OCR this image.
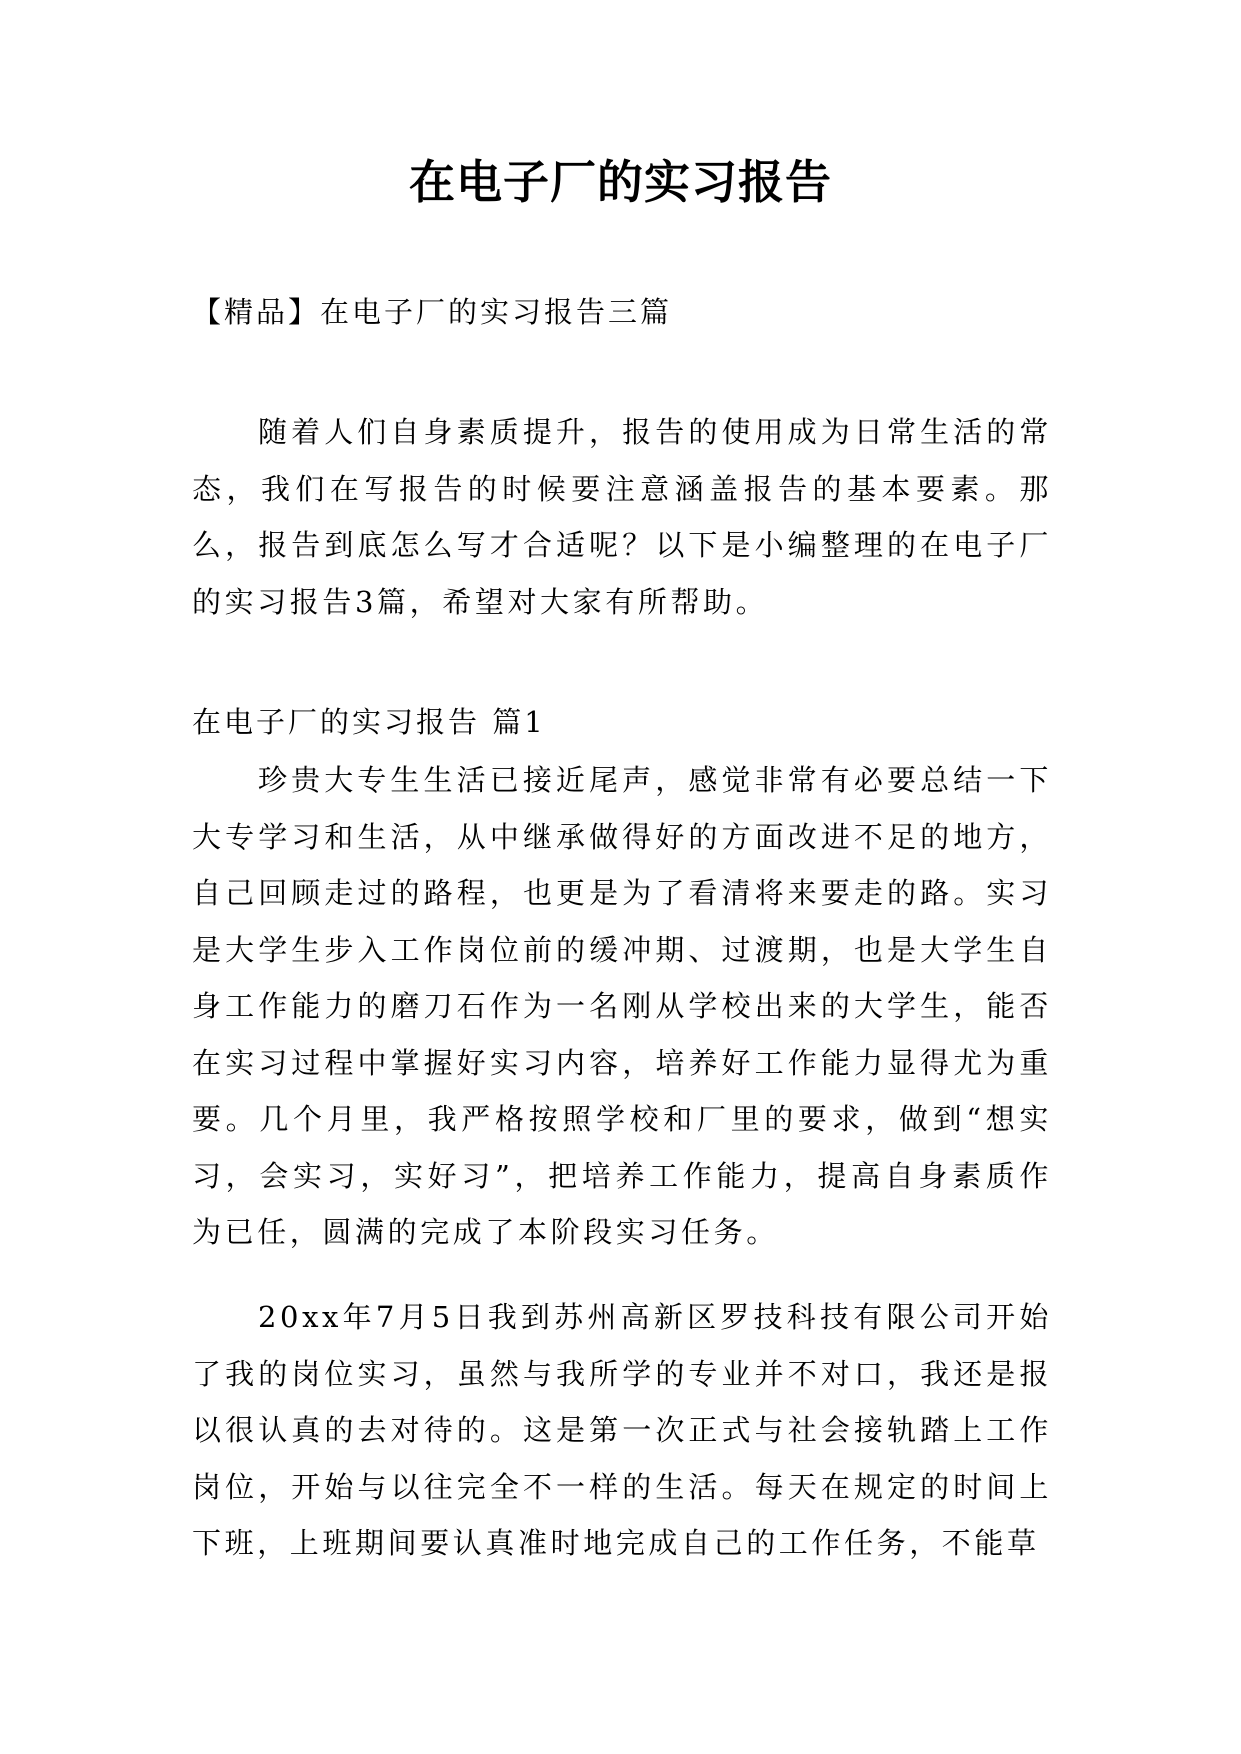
在电子厂的实习报告
【精品】在电子厂的实习报告三篇

随着人们自身素质提升，报告的使用成为日常生活的常态，我们在写报告的时候要注意涵盖报告的基本要素。那么，报告到底怎么写才合适呢？以下是小编整理的在电子厂的实习报告3篇，希望对大家有所帮助。

在电子厂的实习报告 篇1

珍贵大专生生活已接近尾声，感觉非常有必要总结一下大专学习和生活，从中继承做得好的方面改进不足的地方，自己回顾走过的路程，也更是为了看清将来要走的路。实习是大学生步入工作岗位前的缓冲期、过渡期，也是大学生自身工作能力的磨刀石作为一名刚从学校出来的大学生，能否在实习过程中掌握好实习内容，培养好工作能力显得尤为重要。几个月里，我严格按照学校和厂里的要求，做到“想实习，会实习，实好习”，把培养工作能力，提高自身素质作为已任，圆满的完成了本阶段实习任务。

20xx年7月5日我到苏州高新区罗技科技有限公司开始了我的岗位实习，虽然与我所学的专业并不对口，我还是报以很认真的去对待的。这是第一次正式与社会接轨踏上工作岗位，开始与以往完全不一样的生活。每天在规定的时间上下班，上班期间要认真准时地完成自己的工作任务，不能草
